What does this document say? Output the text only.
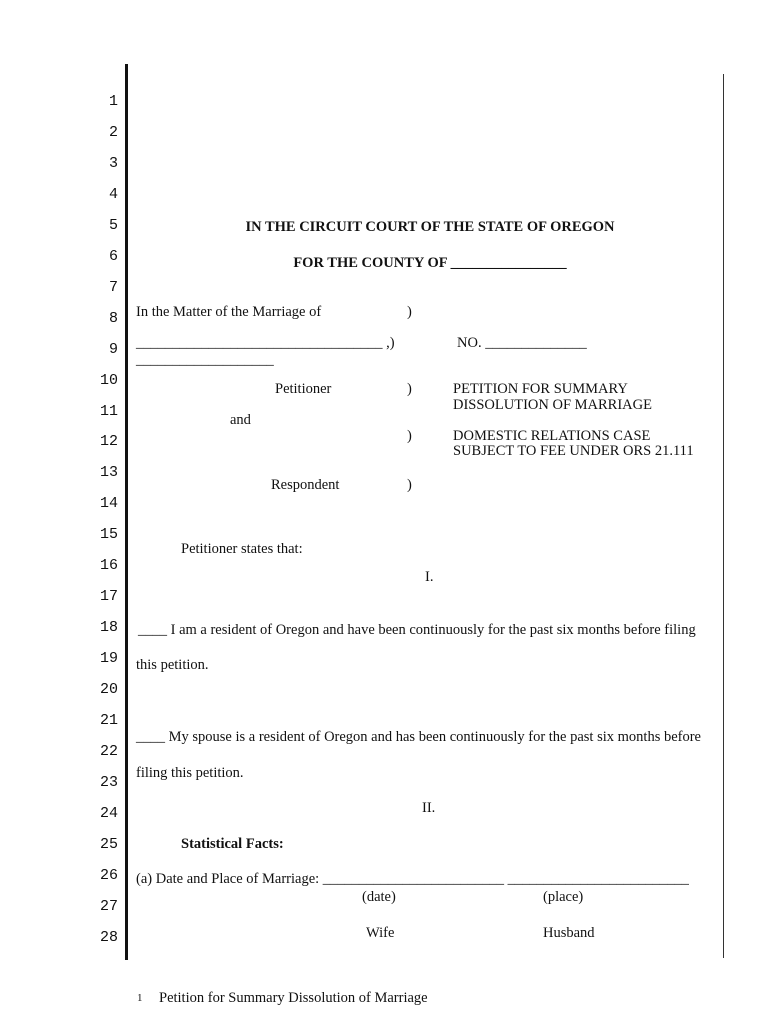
1
2
3
4
5
6
7
8
9
10
11
12
13
14
15
16
17
18
19
20
21
22
23
24
25
26
27
28
IN THE CIRCUIT COURT OF THE STATE OF OREGON
FOR THE COUNTY OF ________________
In the Matter of the Marriage of	)
__________________________________ ,)	NO. ______________
___________________
Petitioner	)	PETITION FOR SUMMARY
DISSOLUTION OF MARRIAGE
and
)	DOMESTIC RELATIONS CASE
SUBJECT TO FEE UNDER ORS 21.111
Respondent	)
Petitioner states that:
I.
____ I am a resident of Oregon and have been continuously for the past six months before filing
this petition.
____ My spouse is a resident of Oregon and has been continuously for the past six months before
filing this petition.
II.
Statistical Facts:
(a) Date and Place of Marriage: _________________________ _________________________
(date)	(place)
Wife	Husband
1 Petition for Summary Dissolution of Marriage
